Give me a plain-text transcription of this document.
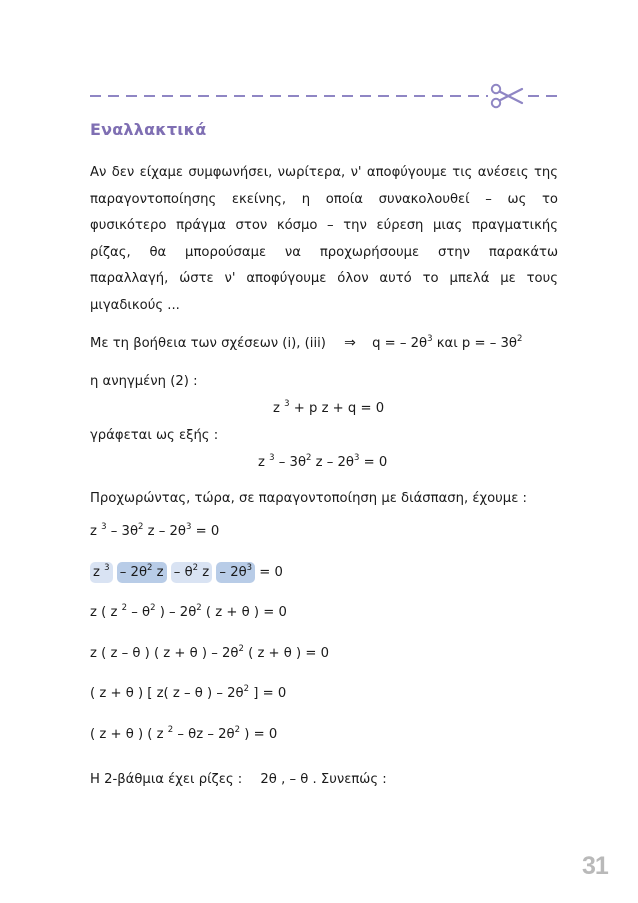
Εναλλακτικά
Αν δεν είχαμε συμφωνήσει, νωρίτερα, ν' αποφύγουμε τις ανέσεις της
παραγοντοποίησης εκείνης, η οποία συνακολουθεί – ως το
φυσικότερο πράγμα στον κόσμο – την εύρεση μιας πραγματικής
ρίζας, θα μπορούσαμε να προχωρήσουμε στην παρακάτω
παραλλαγή, ώστε ν' αποφύγουμε όλον αυτό το μπελά με τους
μιγαδικούς ...
Με τη βοήθεια των σχέσεων (i), (iii) ⇒ q = – $2\theta^3$ και p = – $3\theta^2$
η ανηγμένη (2) :
z $^3$ + p z + q = 0
γράφεται ως εξής :
z $^3 - 3\theta^2$ $z - 2\theta^3 = 0$
Προχωρώντας, τώρα, σε παραγοντοποίηση με διάσπαση, έχουμε :
z $^3 - 3\theta^2$ $z - 2\theta^3 = 0$
z $^3 - 2\theta^2$ z – $\theta^2$ $z - 2\theta^3 = 0$
z ( z $^2 - \theta^2$ ) – $2\theta^2$ ( z + θ ) = 0
z ( z – θ ) ( z + θ ) – $2\theta^2$ ( z + θ ) = 0
( z + θ ) [ z( z – θ ) – $2\theta^2$ ] = 0
( z + θ ) ( z $^2$ – θz – $2\theta^2$ ) = 0
Η 2-βάθμια έχει ρίζες : 2θ , – θ . Συνεπώς :
31
